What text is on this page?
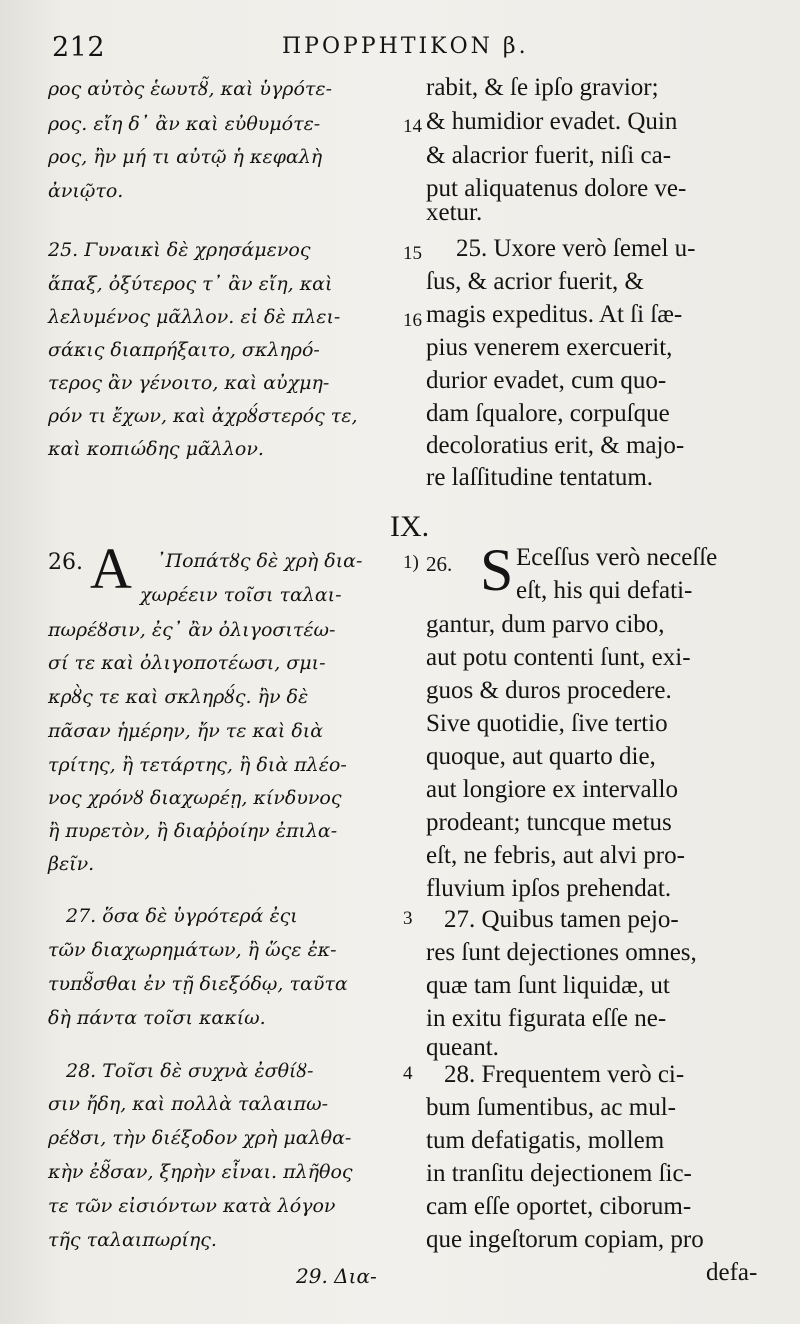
212	ΠΡΟΡΡΗΤΙΚΟΝ β.
ρος αὐτὸς ἑωυτȣ̃, καὶ ὑγρότε-
ρος. εἴη δ᾿ ἂν καὶ εὐθυμότε-
ρος, ἢν μή τι αὐτῷ ἡ κεφαλὴ
ἀνιῷτο.
25. Γυναικὶ δὲ χρησάμενος
ἅπαξ, ὀξύτερος τ᾿ ἂν εἴη, καὶ
λελυμένος μᾶλλον. εἰ δὲ πλει-
σάκις διαπρήξαιτο, σκληρό-
τερος ἂν γένοιτο, καὶ αὐχμη-
ρόν τι ἔχων, καὶ ἀχρȣ́στερός τε,
καὶ κοπιώδης μᾶλλον.
26. A ᾿Ποπάτȣς δὲ χρὴ δια-
χωρέειν τοῖσι ταλαι-
πωρέȣσιν, ἐς᾿ ἂν ὀλιγοσιτέω-
σί τε καὶ ὀλιγοποτέωσι, σμι-
κρȣ̀ς τε καὶ σκληρȣ́ς. ἢν δὲ
πᾶσαν ἡμέρην, ἤν τε καὶ διὰ
τρίτης, ἢ τετάρτης, ἢ διὰ πλέο-
νος χρόνȣ διαχωρέῃ, κίνδυνος
ἢ πυρετὸν, ἢ διαῤῥοίην ἐπιλα-
βεῖν.
27. ὅσα δὲ ὑγρότερά ἐςι
τῶν διαχωρημάτων, ἢ ὥςε ἐκ-
τυπȣ̃σθαι ἐν τῇ διεξόδῳ, ταῦτα
δὴ πάντα τοῖσι κακίω.
28. Τοῖσι δὲ συχνὰ ἐσθίȣ-
σιν ἤδη, καὶ πολλὰ ταλαιπω-
ρέȣσι, τὴν διέξοδον χρὴ μαλθα-
κὴν ἐȣ̃σαν, ξηρὴν εἶναι. πλῆθος
τε τῶν εἰσιόντων κατὰ λόγον
τῆς ταλαιπωρίης.
14
15
16
1)
3
4
IX.
rabit, & ſe ipſo gravior;
& humidior evadet. Quin
& alacrior fuerit, niſi ca-
put aliquatenus dolore ve-
xetur.
25. Uxore verò ſemel u-
ſus, & acrior fuerit, &
magis expeditus. At ſi ſæ-
pius venerem exercuerit,
durior evadet, cum quo-
dam ſqualore, corpuſque
decoloratius erit, & majo-
re laſſitudine tentatum.
26. S Eceſſus verò neceſſe
eſt, his qui defati-
gantur, dum parvo cibo,
aut potu contenti ſunt, exi-
guos & duros procedere.
Sive quotidie, ſive tertio
quoque, aut quarto die,
aut longiore ex intervallo
prodeant; tuncque metus
eſt, ne febris, aut alvi pro-
fluvium ipſos prehendat.
27. Quibus tamen pejo-
res ſunt dejectiones omnes,
quæ tam ſunt liquidæ, ut
in exitu figurata eſſe ne-
queant.
28. Frequentem verò ci-
bum ſumentibus, ac mul-
tum defatigatis, mollem
in tranſitu dejectionem ſic-
cam eſſe oportet, ciborum-
que ingeſtorum copiam, pro
defa-
29. Δια-
